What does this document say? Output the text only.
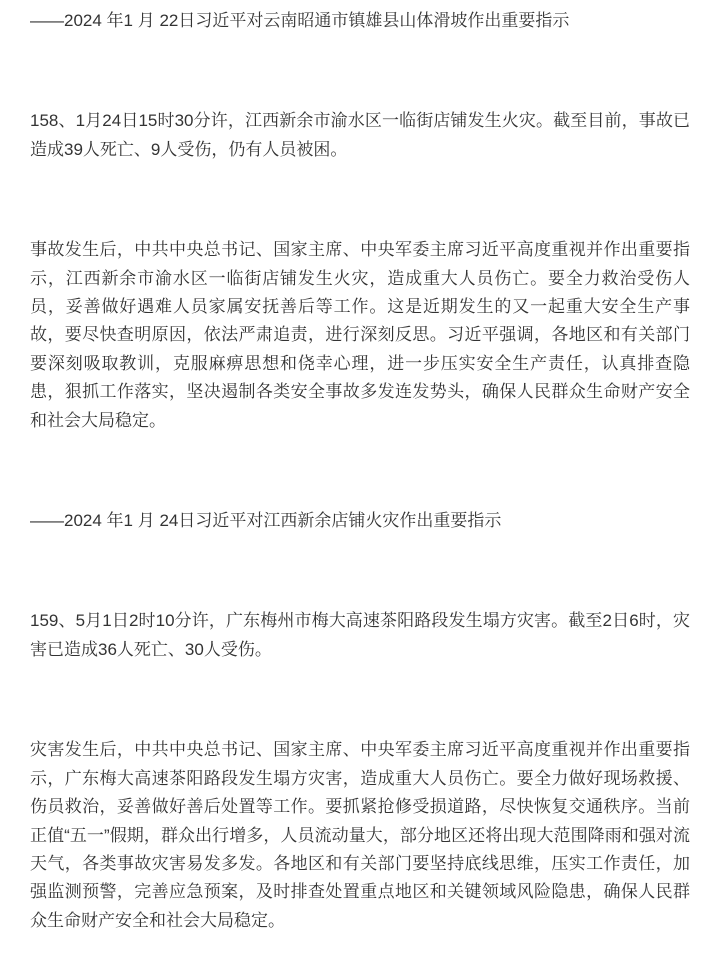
——2024 年1 月 22日习近平对云南昭通市镇雄县山体滑坡作出重要指示

158、1月24日15时30分许，江西新余市渝水区一临街店铺发生火灾。截至目前，事故已造成39人死亡、9人受伤，仍有人员被困。

事故发生后，中共中央总书记、国家主席、中央军委主席习近平高度重视并作出重要指示，江西新余市渝水区一临街店铺发生火灾，造成重大人员伤亡。要全力救治受伤人员，妥善做好遇难人员家属安抚善后等工作。这是近期发生的又一起重大安全生产事故，要尽快查明原因，依法严肃追责，进行深刻反思。习近平强调，各地区和有关部门要深刻吸取教训，克服麻痹思想和侥幸心理，进一步压实安全生产责任，认真排查隐患，狠抓工作落实，坚决遏制各类安全事故多发连发势头，确保人民群众生命财产安全和社会大局稳定。

——2024 年1 月 24日习近平对江西新余店铺火灾作出重要指示

159、5月1日2时10分许，广东梅州市梅大高速茶阳路段发生塌方灾害。截至2日6时，灾害已造成36人死亡、30人受伤。

灾害发生后，中共中央总书记、国家主席、中央军委主席习近平高度重视并作出重要指示，广东梅大高速茶阳路段发生塌方灾害，造成重大人员伤亡。要全力做好现场救援、伤员救治，妥善做好善后处置等工作。要抓紧抢修受损道路，尽快恢复交通秩序。当前正值“五一”假期，群众出行增多，人员流动量大，部分地区还将出现大范围降雨和强对流天气，各类事故灾害易发多发。各地区和有关部门要坚持底线思维，压实工作责任，加强监测预警，完善应急预案，及时排查处置重点地区和关键领域风险隐患，确保人民群众生命财产安全和社会大局稳定。
